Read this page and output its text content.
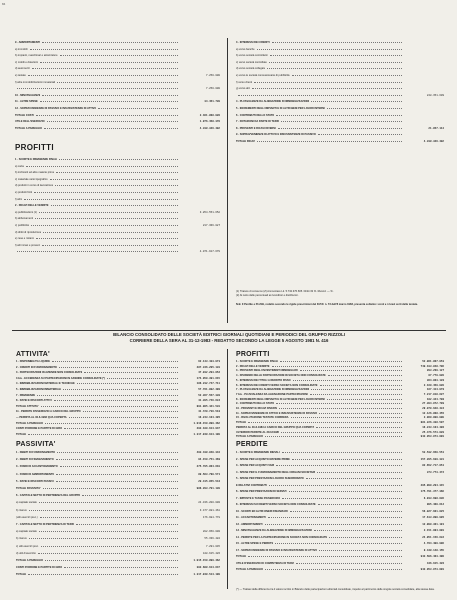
84
9 - AMMORTAMENTI
a) immobili
b) impianti, macchinari e attrezzature
c) mobili e dotazioni
d) automezzi
e) testate	7.250.000
f) altre immobilizzazioni immateriali
7.250.000
10 - MINUSVALENZE
11 - ALTRE SPESE	34.451.739
12 - SOPRAVVENIENZE DI PASSIVO E INSUSSISTENZE DI ATTIVO
TOTALE COSTI	2.461.868.028
UTILE DELL'ESERCIZIO	1.876.458.378
TOTALE A PAREGGIO	4.338.326.402
PROFITTI
1 - SCORTE E RIMANENZE FINALI
a) carta
b) inchiostri ed altre materie prime
c) materiale vario tipografico
d) prodotti in corso di lavorazione
e) prodotti finiti
f) altro
2 - RICAVI DELLE VENDITE
a) pubblicazioni (1)	3.854.551.652
b) abbonamenti
c) pubblicità	217.366.027
d) diritti di riproduzione
e) rese e rottami
f) altri ricavi e proventi
4.071.917.679
3 - INTERESSI DEI CREDITI
a) verso banche
b) verso società controllanti
c) verso società controllate
d) verso società collegate
e) verso le società concessionarie di pubblicità
f) verso clienti
g) verso altri
248.351.609
4 - PLUSVALENZE DA ALIENAZIONE DI IMMOBILIZZAZIONI
5 - INCREMENTI DEGLI IMPIANTI E DI ALTRI BENI PER LAVORI INTERNI
6 - CONTRIBUTI DELLO STATO
7 - DOTAZIONI DA PARTE DI TERZI
8 - PROVENTI E RICAVI DIVERSI	21.057.114
9 - SOPRAVVENIENZE DI ATTIVO E INSUSSISTENZE DI PASSIVO
TOTALE RICAVI	4.338.326.402
(1) Tirature di consumo (Z) Ammontare Lit. 5.732.376.605. Diritti 33 %. Rivend. — %.
(2) Al netto delle percentuali ai rivenditori e distributori.
N.B. Il Perdite e Profitti, redatto secondo le rigide prescrizioni del D.P.R. n. 73 dell'8 marzo 1983, presenta soltanto i costi e i ricavi certi delle testate.
BILANCIO CONSOLIDATO DELLE SOCIETÀ EDITRICI GIORNALI QUOTIDIANI E PERIODICI DEL GRUPPO RIZZOLI
CORRIERE DELLA SERA AL 31-12-1983 - REDATTO SECONDO LA LEGGE 5 AGOSTO 1981 N. 416
ATTIVITA'
1 - DISPONIBILITÀ LIQUIDE	62.143.433.073
2 - CREDITI IN FUNZIONAMENTO	287.346.205.133
3 - PARTECIPAZIONI IN AZIENDE NON CONSOLIDATE	47.032.203.852
3 bis - ECCEDENZA SU PARTECIPAZIONI IN AZIENDE CONSOLIDATE (*)	174.050.391.615
4 - IMMOBILIZZAZIONI MATERIALI E TECNICHE	186.232.747.711
5 - IMMOBILIZZAZIONI IMMATERIALI	57.761.002.480
7 - RIMANENZE	52.367.557.330
8 - RATEI E RISCONTI ATTIVI	41.395.746.634
TOTALE ATTIVITA'	891.085.421.533
11 - PERDITE D'ESERCIZIO A CARICO DEL GRUPPO	41.720.736.518
— PERDITA AL 30-6-1983 QUA COPERTA	16.243.164.485
TOTALE A PAREGGIO	1.016.159.899.462
CONTI D'ORDINE E PARTITE DI GIRO	292.189.614.947
TOTALE	1.317.848.614.109
PROFITTI
1 - SCORTE E RIMANENZE FINALI	52.061.867.053
2 - RICAVI DELLE VENDITE	749.193.848.796
3 - PROVENTI DEGLI INVESTIMENTI IMMOBILIARI	203.269.127
4 - DIVIDENDI DELLE PARTECIPAZIONI IN SOCIETÀ NON CONSOLIDATE	87.779.928
5 - INTERESSI DEI TITOLI A REDDITO FISSO	364.063.128
6 - INTERESSI DEI CREDITI VERSO SOCIETÀ NON CONSOLIDATE	2.169.459.028
7 - PLUSVALENZE DA ALIENAZIONE DI IMMOBILIZZAZIONI	167.414.078
7 bis - PLUSVALENZA DA ALIENAZIONE PARTECIPAZIONI	7.217.018.627
8 - INCREMENTI DEGLI IMPIANTI E DI ALTRI BENI PER LAVORI INTERNI	182.324.708
9 - CONTRIBUTI DELLO STATO	27.304.072.799
10 - PROVENTI E RICAVI DIVERSI	28.970.628.434
11 - SOPRAVVENIENZE DI ATTIVO E INSUSSISTENZE DI PASSIVO	12.126.868.455
15 - RIVALUTAZIONE TESTATE CORRIERA	2.069.000.000
TOTALE	881.226.338.597
PERDITA AL 30-6-1983 A CARICO DEL GRUPPO QUA COPERTA	16.243.164.486
ULTERIORI PERDITE AL 31/12/1983	25.476.573.820
TOTALE A PAREGGIO	942.953.073.883
PASSIVITA'
1 - DEBITI DI FUNZIONAMENTO	493.438.840.344
2 - DEBITI DI FINANZIAMENTO	94.159.751.469
3 - FONDI DI ACCANTONAMENTO	275.705.864.619
4 - FONDI DI AMMORTAMENTO	89.563.780.571
5 - RATEI E RISCONTI PASSIVI	29.415.055.544
TOTALE PASSIVITA'	986.293.701.139
6 - CAPITALE NETTO DI PERTINENZA DEL GRUPPO
a) capitale sociale	24.436.200.000
b) riserve	3.477.081.461
(utili esercizi prec.)	176.984.778
7 - CAPITALE NETTO DI PERTINENZA DI TERZI
a) capitale sociale	282.950.000
b) riserve	55.336.484
c) utili esercizi prec.	7.291.045
d) utili d'esercizio	448.615.426
TOTALE A PAREGGIO	1.015.159.899.462
CONTI D'ORDINE E PARTITE DI GIRO	302.688.614.647
TOTALE	1.317.848.514.109
PERDITE
1 - SCORTE E RIMANENZE INIZIALI	53.532.650.551
2 - SPESE PER ACQUISTO MATERIE PRIME	157.205.639.331
3 - SPESE PER ACQUISTI VARI	82.652.717.851
4 - SPESE PER IL FUNZIONAMENTO DEGLI ORGANI SOCIETARI	373.773.472
5 - SPESE PER PRESTAZIONI LAVORO SUBORDINATO
E RELATIVI CONTRIBUTI	295.809.204.315
6 - SPESE PER PRESTAZIONI DI SERVIZI	175.701.377.366
7 - IMPOSTE E TASSE D'ESERCIZIO	6.833.698.836
8 - INTERESSI SUI DEBITI VERSO SOCIETÀ NON CONSOLIDATE	905.460.612
10 - SCONTI ED ALTRI ONERI FINANZIARI	56.027.661.825
11 - ACCANTONAMENTI	17.613.890.905
12 - AMMORTAMENTI	12.809.361.181
13 - MINUSVALENZE DA ALIENAZIONE DI IMMOBILIZZAZIONI	2.151.984.883
14 - PERDITE PER LA PARTECIPAZIONE IN SOCIETÀ NON CONSOLIDATE	24.851.156.632
15 - ALTRE SPESE E PERDITE	4.784.409.996
17 - SOPRAVVENIENZE DI PASSIVO E INSUSSISTENZE DI ATTIVO	8.448.148.155
TOTALE	942.506.463.488
UTILE D'ESERCIZIO DI COMPETENZA DI TERZI	446.615.426
TOTALE A PAREGGIO	942.953.073.883
(*) — Trattasi della differenza tra il valore iscritto in Bilancio delle partecipazioni editoriali consolidate, rispetto al patrimonio delle singole società consolidate, alla stessa data.
